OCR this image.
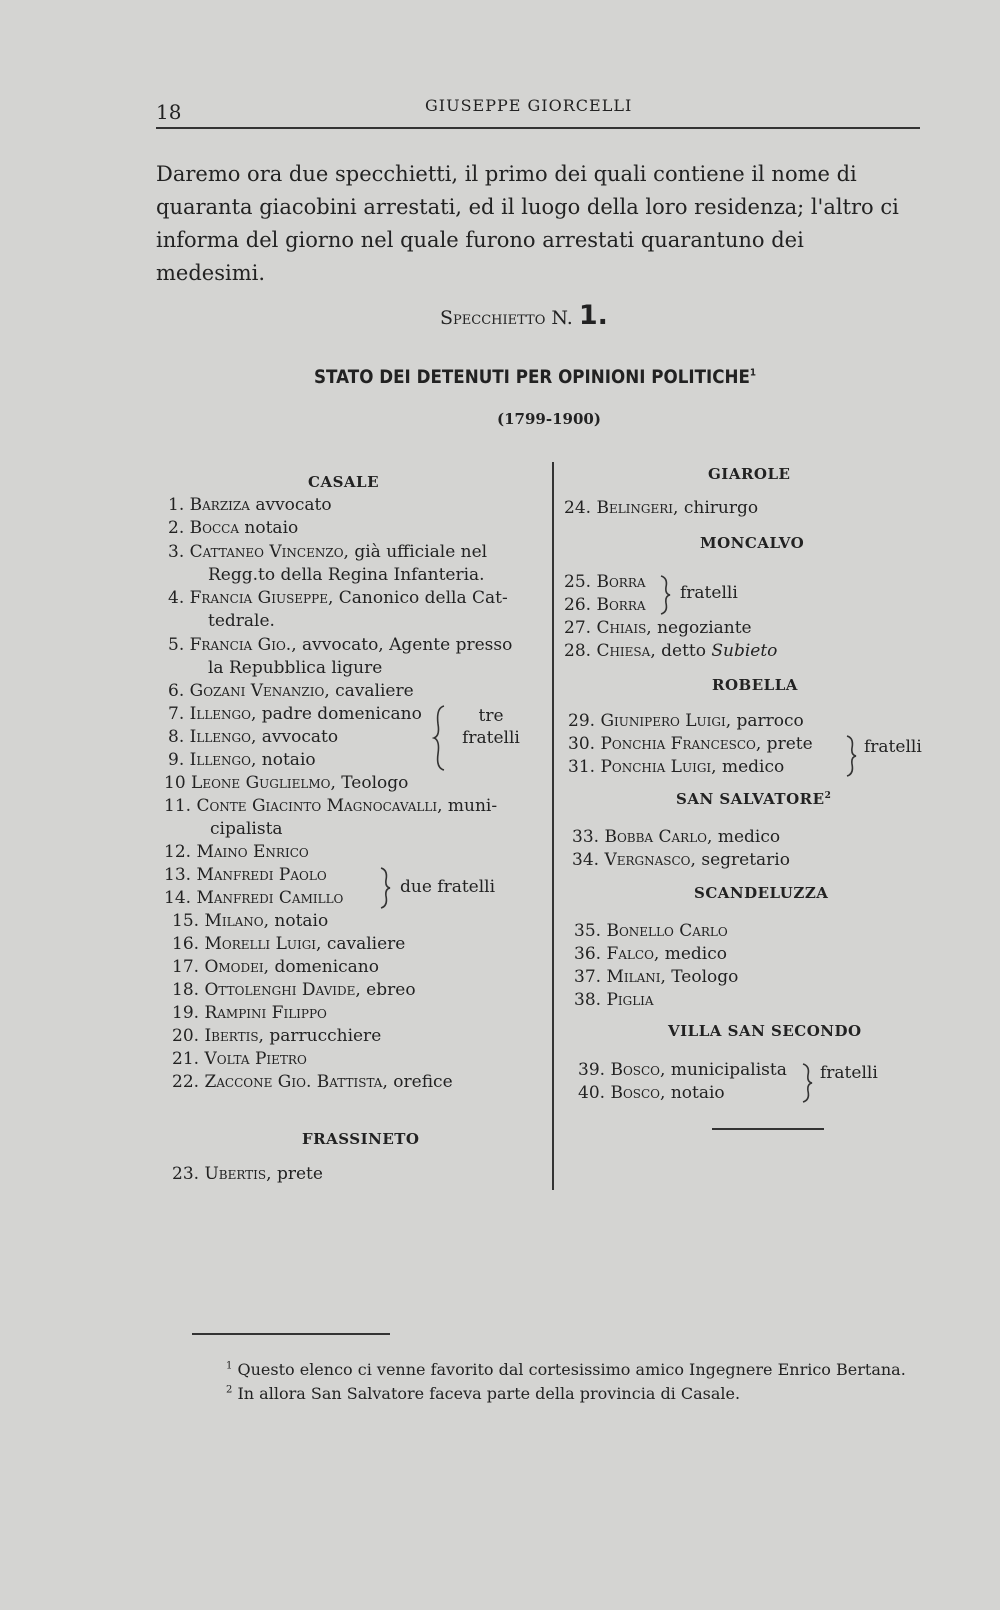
18	GIUSEPPE GIORCELLI

Daremo ora due specchietti, il primo dei quali contiene il nome di

quaranta giacobini arrestati, ed il luogo della loro residenza; l'altro ci

informa del giorno nel quale furono arrestati quarantuno dei medesimi.

Specchietto N. 1.
STATO DEI DETENUTI PER OPINIONI POLITICHE$^1$
(1799-1900)
CASALE
1. Barziza avvocato
2. Bocca notaio
3. Cattaneo Vincenzo, già ufficiale nel
Regg.to della Regina Infanteria.
4. Francia Giuseppe, Canonico della Cat-
tedrale.
5. Francia Gio., avvocato, Agente presso
la Repubblica ligure
6. Gozani Venanzio, cavaliere
7. Illengo, padre domenicano
8. Illengo, avvocato
9. Illengo, notaio
tre fratelli
10 Leone Guglielmo, Teologo
11. Conte Giacinto Magnocavalli, muni-
cipalista
12. Maino Enrico
13. Manfredi Paolo
14. Manfredi Camillo
due fratelli
15. Milano, notaio
16. Morelli Luigi, cavaliere
17. Omodei, domenicano
18. Ottolenghi Davide, ebreo
19. Rampini Filippo
20. Ibertis, parrucchiere
21. Volta Pietro
22. Zaccone Gio. Battista, orefice
FRASSINETO
23. Ubertis, prete
GIAROLE
24. Belingeri, chirurgo
MONCALVO
25. Borra
26. Borra
fratelli
27. Chiais, negoziante
28. Chiesa, detto Subieto
ROBELLA
29. Giunipero Luigi, parroco
30. Ponchia Francesco, prete
31. Ponchia Luigi, medico
fratelli
SAN SALVATORE$^2$
33. Bobba Carlo, medico
34. Vergnasco, segretario
SCANDELUZZA
35. Bonello Carlo
36. Falco, medico
37. Milani, Teologo
38. Piglia
VILLA SAN SECONDO
39. Bosco, municipalista
40. Bosco, notaio
fratelli
$^1$ Questo elenco ci venne favorito dal cortesissimo amico Ingegnere Enrico Bertana.
$^2$ In allora San Salvatore faceva parte della provincia di Casale.
